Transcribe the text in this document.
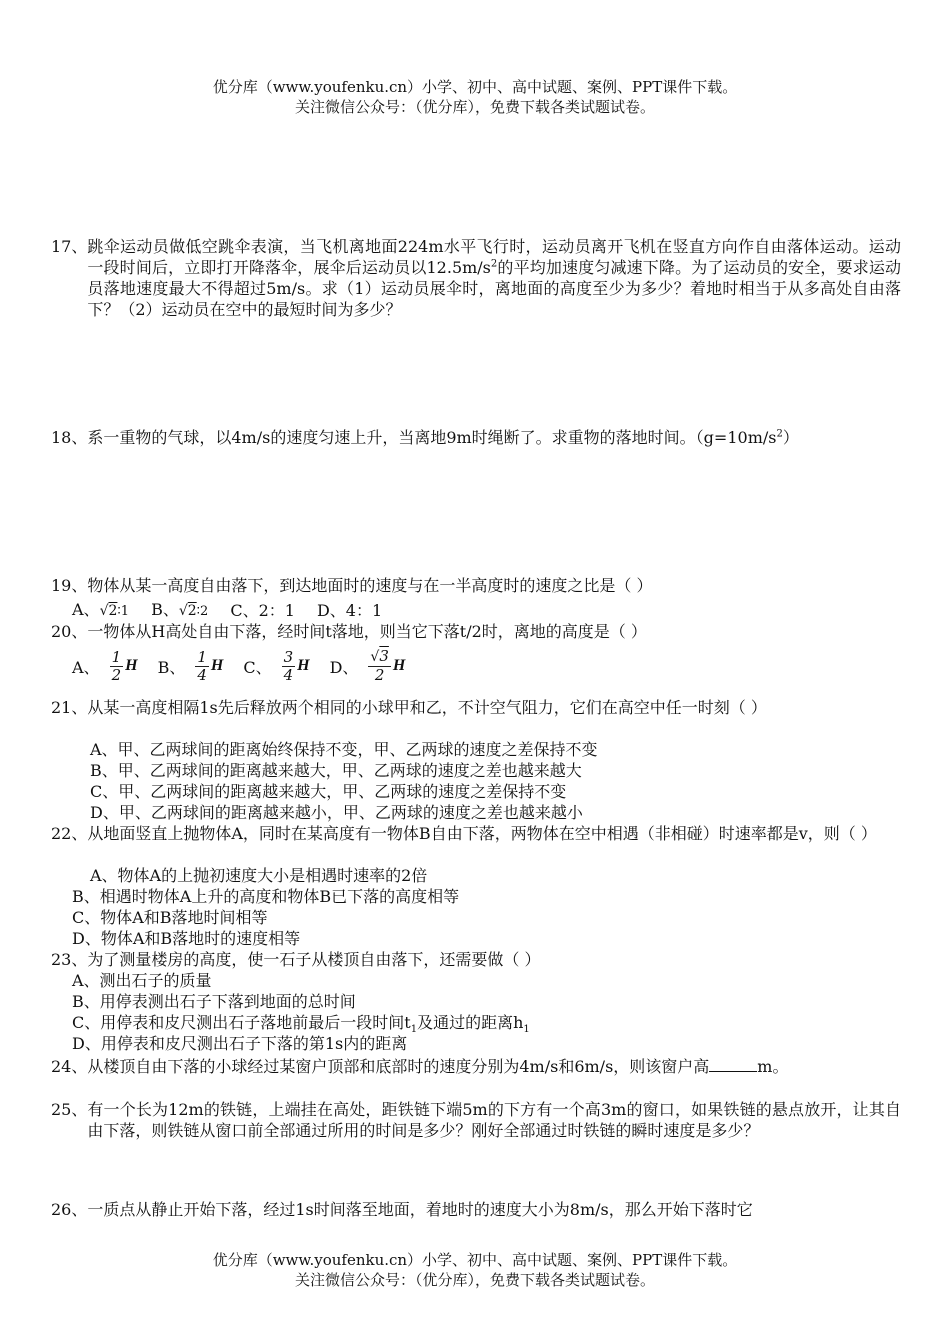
优分库（www.youfenku.cn）小学、初中、高中试题、案例、PPT课件下载。
关注微信公众号：（优分库），免费下载各类试题试卷。
17、 跳伞运动员做低空跳伞表演，当飞机离地面224m水平飞行时，运动员离开飞机在竖直方向作自由落体运动。运动一段时间后，立即打开降落伞，展伞后运动员以$12.5m/s^2$的平均加速度匀减速下降。为了运动员的安全，要求运动员落地速度最大不得超过5m/s。求（1）运动员展伞时，离地面的高度至少为多少？着地时相当于从多高处自由落下？（2）运动员在空中的最短时间为多少？
18、 系一重物的气球，以4m/s的速度匀速上升，当离地9m时绳断了。求重物的落地时间。$(g=10m/s^2)$
19、 物体从某一高度自由落下，到达地面时的速度与在一半高度时的速度之比是（ ）
A、√2∶1 B、√2∶2 C、2：1 D、4：1
20、 一物体从H高处自由下落，经时间t落地，则当它下落t/2时，离地的高度是（ ）
A、 $\frac{1}{2}$ H B、 $\frac{1}{4}$ H C、 $\frac{3}{4}$ H D、 $\frac{√3}{2}$ H
21、 从某一高度相隔1s先后释放两个相同的小球甲和乙，不计空气阻力，它们在高空中任一时刻（ ）
A、甲、乙两球间的距离始终保持不变，甲、乙两球的速度之差保持不变
B、甲、乙两球间的距离越来越大，甲、乙两球的速度之差也越来越大
C、甲、乙两球间的距离越来越大，甲、乙两球的速度之差保持不变
D、甲、乙两球间的距离越来越小，甲、乙两球的速度之差也越来越小
22、 从地面竖直上抛物体A，同时在某高度有一物体B自由下落，两物体在空中相遇（非相碰）时速率都是v，则（ ）
A、物体A的上抛初速度大小是相遇时速率的2倍
B、相遇时物体A上升的高度和物体B已下落的高度相等
C、物体A和B落地时间相等
D、物体A和B落地时的速度相等
23、 为了测量楼房的高度，使一石子从楼顶自由落下，还需要做（ ）
A、测出石子的质量
B、用停表测出石子下落到地面的总时间
C、用停表和皮尺测出石子落地前最后一段时间$t_1$及通过的距离$h_1$
D、用停表和皮尺测出石子下落的第1s内的距离
24、 从楼顶自由下落的小球经过某窗户顶部和底部时的速度分别为4m/s和6m/s，则该窗户高	m。
25、 有一个长为12m的铁链，上端挂在高处，距铁链下端5m的下方有一个高3m的窗口，如果铁链的悬点放开，让其自由下落，则铁链从窗口前全部通过所用的时间是多少？刚好全部通过时铁链的瞬时速度是多少？
26、 一质点从静止开始下落，经过1s时间落至地面，着地时的速度大小为8m/s，那么开始下落时它
优分库（www.youfenku.cn）小学、初中、高中试题、案例、PPT课件下载。
关注微信公众号：（优分库），免费下载各类试题试卷。
